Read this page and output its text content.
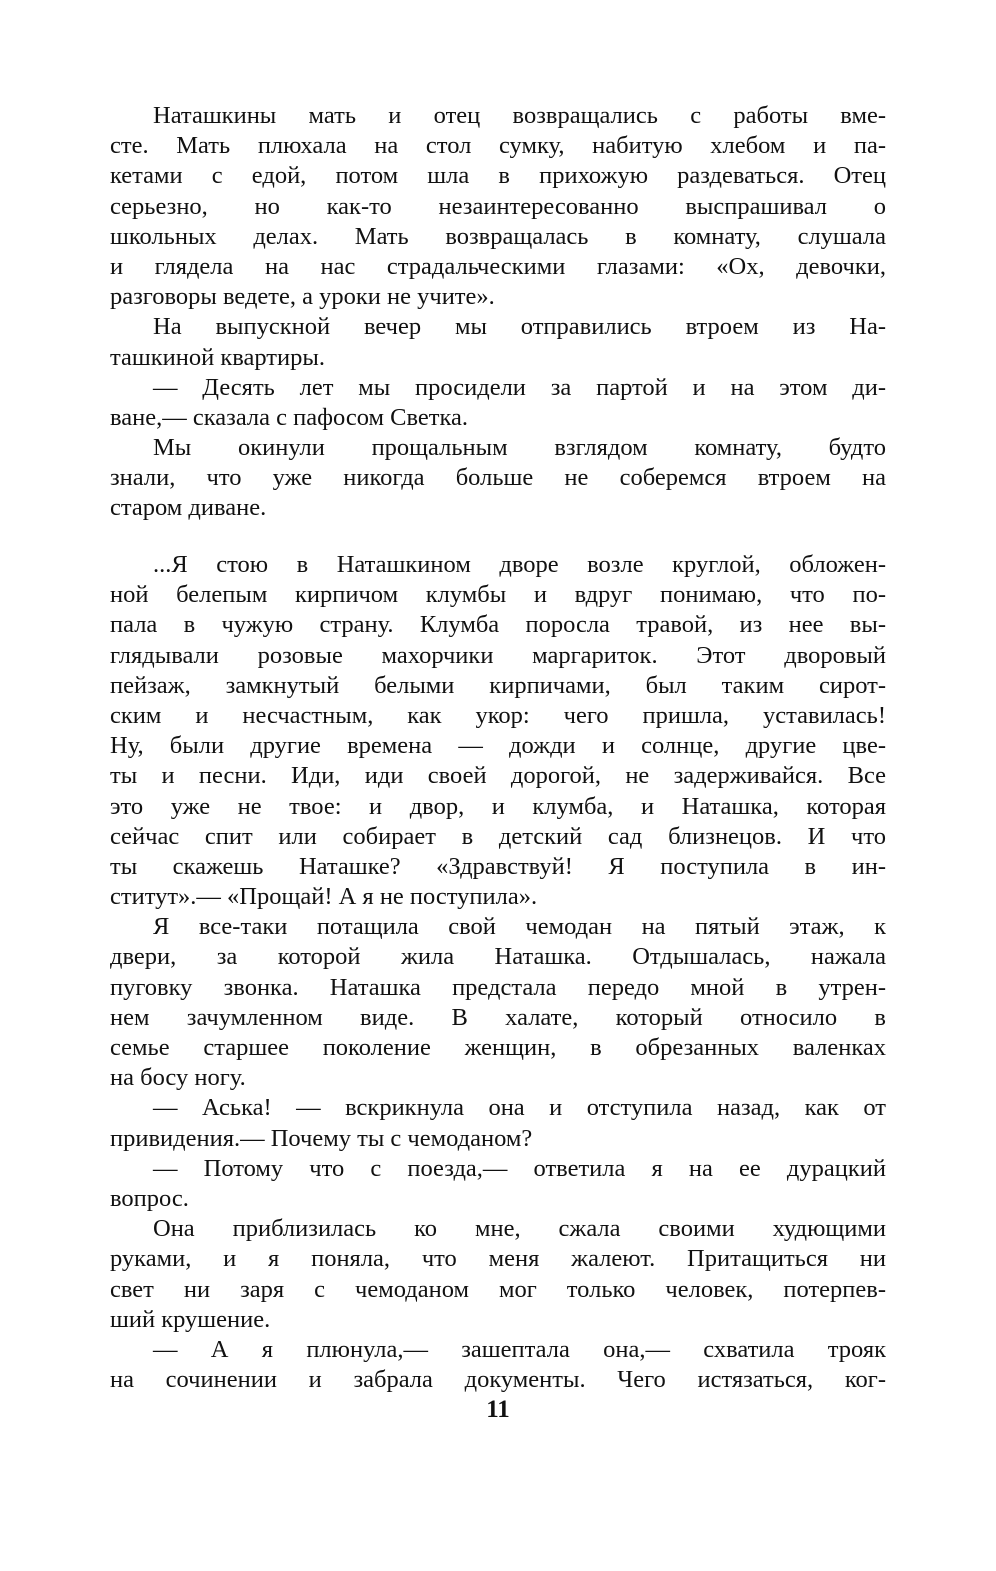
Наташкины мать и отец возвращались с работы вме-
сте. Мать плюхала на стол сумку, набитую хлебом и па-
кетами с едой, потом шла в прихожую раздеваться. Отец
серьезно, но как-то незаинтересованно выспрашивал о
школьных делах. Мать возвращалась в комнату, слушала
и глядела на нас страдальческими глазами: «Ох, девочки,
разговоры ведете, а уроки не учите».
На выпускной вечер мы отправились втроем из На-
ташкиной квартиры.
— Десять лет мы просидели за партой и на этом ди-
ване,— сказала с пафосом Светка.
Мы окинули прощальным взглядом комнату, будто
знали, что уже никогда больше не соберемся втроем на
старом диване.
...Я стою в Наташкином дворе возле круглой, обложен-
ной белепым кирпичом клумбы и вдруг понимаю, что по-
пала в чужую страну. Клумба поросла травой, из нее вы-
глядывали розовые махорчики маргариток. Этот дворовый
пейзаж, замкнутый белыми кирпичами, был таким сирот-
ским и несчастным, как укор: чего пришла, уставилась!
Ну, были другие времена — дожди и солнце, другие цве-
ты и песни. Иди, иди своей дорогой, не задерживайся. Все
это уже не твое: и двор, и клумба, и Наташка, которая
сейчас спит или собирает в детский сад близнецов. И что
ты скажешь Наташке? «Здравствуй! Я поступила в ин-
ститут».— «Прощай! А я не поступила».
Я все-таки потащила свой чемодан на пятый этаж, к
двери, за которой жила Наташка. Отдышалась, нажала
пуговку звонка. Наташка предстала передо мной в утрен-
нем зачумленном виде. В халате, который относило в
семье старшее поколение женщин, в обрезанных валенках
на босу ногу.
— Аська! — вскрикнула она и отступила назад, как от
привидения.— Почему ты с чемоданом?
— Потому что с поезда,— ответила я на ее дурацкий
вопрос.
Она приблизилась ко мне, сжала своими худющими
руками, и я поняла, что меня жалеют. Притащиться ни
свет ни заря с чемоданом мог только человек, потерпев-
ший крушение.
— А я плюнула,— зашептала она,— схватила трояк
на сочинении и забрала документы. Чего истязаться, ког-
11
